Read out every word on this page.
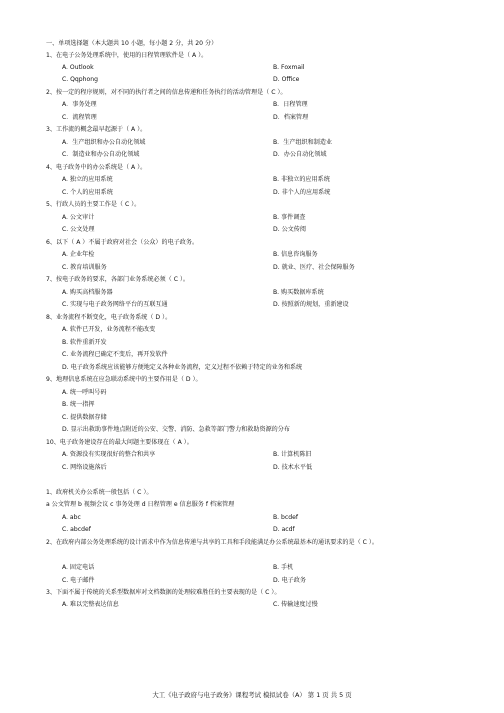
一、单项选择题（本大题共 10 小题，每小题 2 分，共 20 分）
1、在电子公务处理系统中，使用的日程管理软件是（ A ）。
A. Outlook	B. Foxmail
C. Qqphong	D. Office
2、按一定的程序规则，对不同的执行者之间的信息传递和任务执行的活动管理是（ C ）。
A．事务处理	B．日程管理
C．流程管理	D．档案管理
3、工作流的概念最早起源于（ A ）。
A．生产组织和办公自动化领域	B．生产组织和制造业
C．制造业和办公自动化领域	D．办公自动化领域
4、电子政务中的办公系统是（ A ）。
A. 独立的应用系统	B. 非独立的应用系统
C. 个人的应用系统	D. 非个人的应用系统
5、行政人员的主要工作是（ C ）。
A. 公文审计	B. 事件调查
C. 公文处理	D. 公文传阅
6、以下（ A ）不属于政府对社会（公众）的电子政务。
A. 企业年检	B. 信息咨询服务
C. 教育培训服务	D. 就业、医疗、社会保障服务
7、按电子政务的要求，各部门业务系统必须（ C ）。
A. 购买高档服务器	B. 购买数据库系统
C. 实现与电子政务网络平台的互联互通	D. 按照新的规划，重新建设
8、业务流程不断变化，电子政务系统（ D ）。
A. 软件已开发，业务流程不能改变
B. 软件重新开发
C. 业务流程已确定不变后，再开发软件
D. 电子政务系统应该能够方便地定义各种业务流程，定义过程不依赖于特定的业务和系统
9、地理信息系统在应急联动系统中的主要作用是（ D ）。
A. 统一呼叫号码
B. 统一指挥
C. 提供数据存储
D. 显示出救助事件地点附近的公安、交警、消防、急救等部门警力和救助资源的分布
10、电子政务建设存在的最大问题主要体现在（ A ）。
A. 资源没有实现很好的整合和共享	B. 计算机陈旧
C. 网络设施落后	D. 技术水平低
1、政府机关办公系统一般包括（ C ）。
a 公文管理 b 视频会议 c 事务处理 d 日程管理 e 信息服务 f 档案管理
A. abc	B. bcdef
C. abcdef	D. acdf
2、在政府内部公务处理系统的设计需求中作为信息传递与共享的工具和手段能满足办公系统最基本的通讯要求的是（ C ）。
A. 固定电话	B. 手机
C. 电子邮件	D. 电子政务
3、下面不属于传统的关系型数据库对文档数据的处理较难胜任的主要表现的是（ C ）。
A. 难以完整表达信息	C. 传输速度过慢
大工《电子政府与电子政务》课程考试 模拟试卷（A） 第 1 页 共 5 页
